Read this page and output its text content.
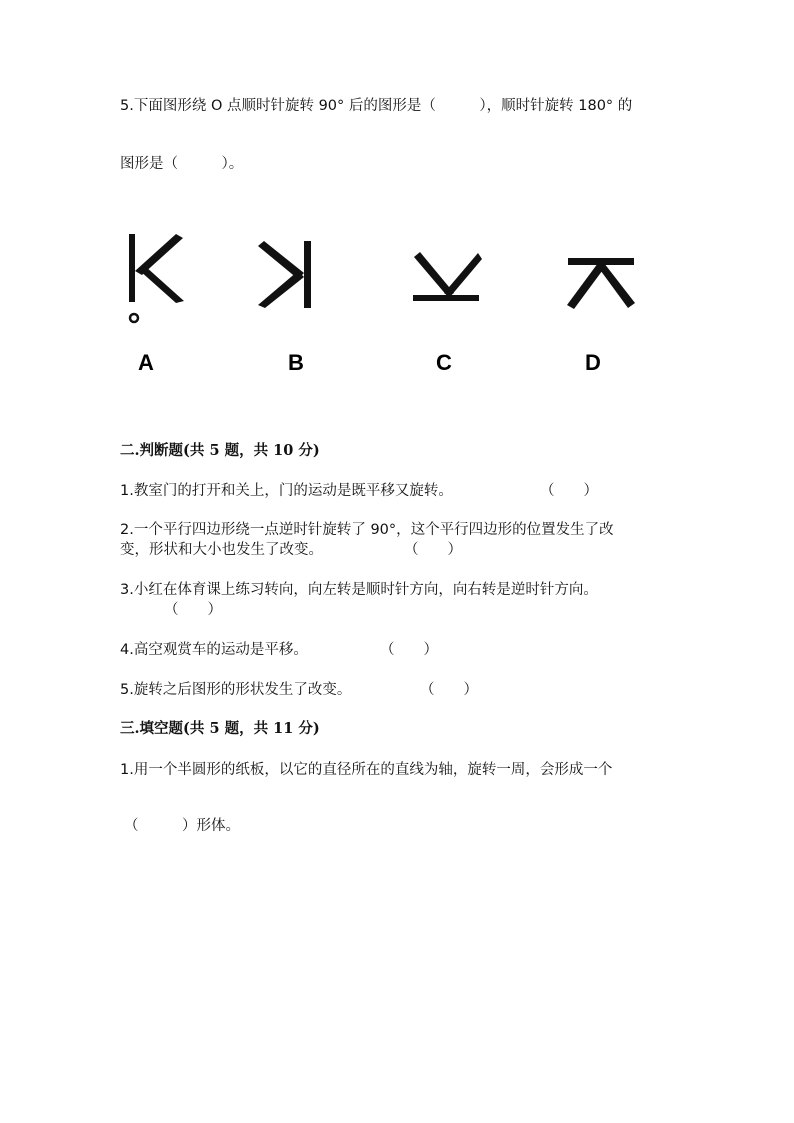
5.下面图形绕 O 点顺时针旋转 90° 后的图形是（　　　），顺时针旋转 180° 的
图形是（　　　）。
A	B	C	D
二.判断题(共 5 题，共 10 分)
1.教室门的打开和关上，门的运动是既平移又旋转。	（　　）
2.一个平行四边形绕一点逆时针旋转了 90°，这个平行四边形的位置发生了改
变，形状和大小也发生了改变。	（　　）
3.小红在体育课上练习转向，向左转是顺时针方向，向右转是逆时针方向。
（　　）
4.高空观赏车的运动是平移。	（　　）
5.旋转之后图形的形状发生了改变。	（　　）
三.填空题(共 5 题，共 11 分)
1.用一个半圆形的纸板，以它的直径所在的直线为轴，旋转一周，会形成一个
（　　　）形体。
